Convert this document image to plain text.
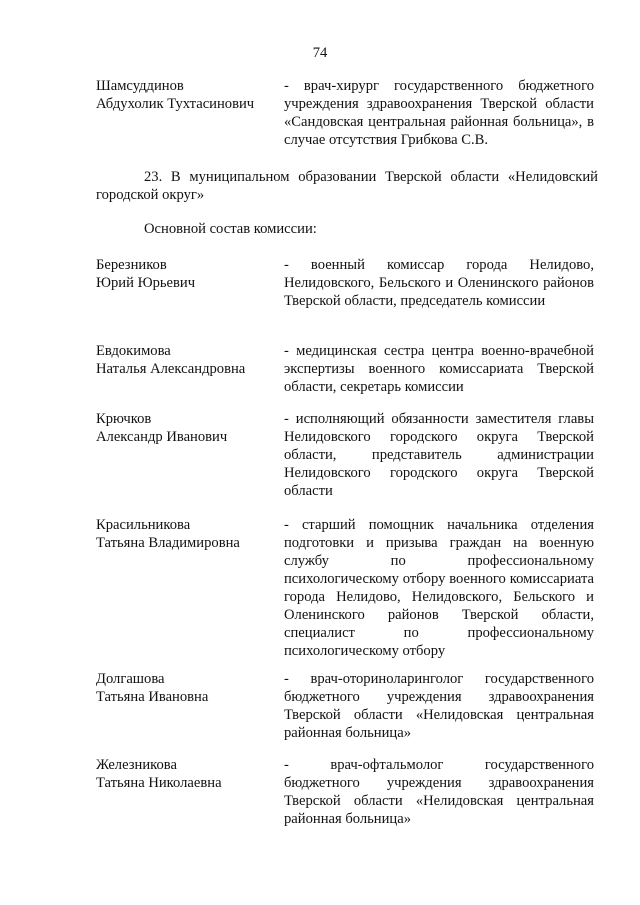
74
Шамсуддинов
Абдухолик Тухтасинович
- врач-хирург государственного бюджетного учреждения здравоохранения Тверской области «Сандовская центральная районная больница», в случае отсутствия Грибкова С.В.
23. В муниципальном образовании Тверской области «Нелидовский городской округ»
Основной состав комиссии:
Березников
Юрий Юрьевич
- военный комиссар города Нелидово, Нелидовского, Бельского и Оленинского районов Тверской области, председатель комиссии
Евдокимова
Наталья Александровна
- медицинская сестра центра военно-врачебной экспертизы военного комиссариата Тверской области, секретарь комиссии
Крючков
Александр Иванович
- исполняющий обязанности заместителя главы Нелидовского городского округа Тверской области, представитель администрации Нелидовского городского округа Тверской области
Красильникова
Татьяна Владимировна
- старший помощник начальника отделения подготовки и призыва граждан на военную службу по профессиональному психологическому отбору военного комиссариата города Нелидово, Нелидовского, Бельского и Оленинского районов Тверской области, специалист по профессиональному психологическому отбору
Долгашова
Татьяна Ивановна
- врач-оториноларинголог государственного бюджетного учреждения здравоохранения Тверской области «Нелидовская центральная районная больница»
Железникова
Татьяна Николаевна
- врач-офтальмолог государственного бюджетного учреждения здравоохранения Тверской области «Нелидовская центральная районная больница»
